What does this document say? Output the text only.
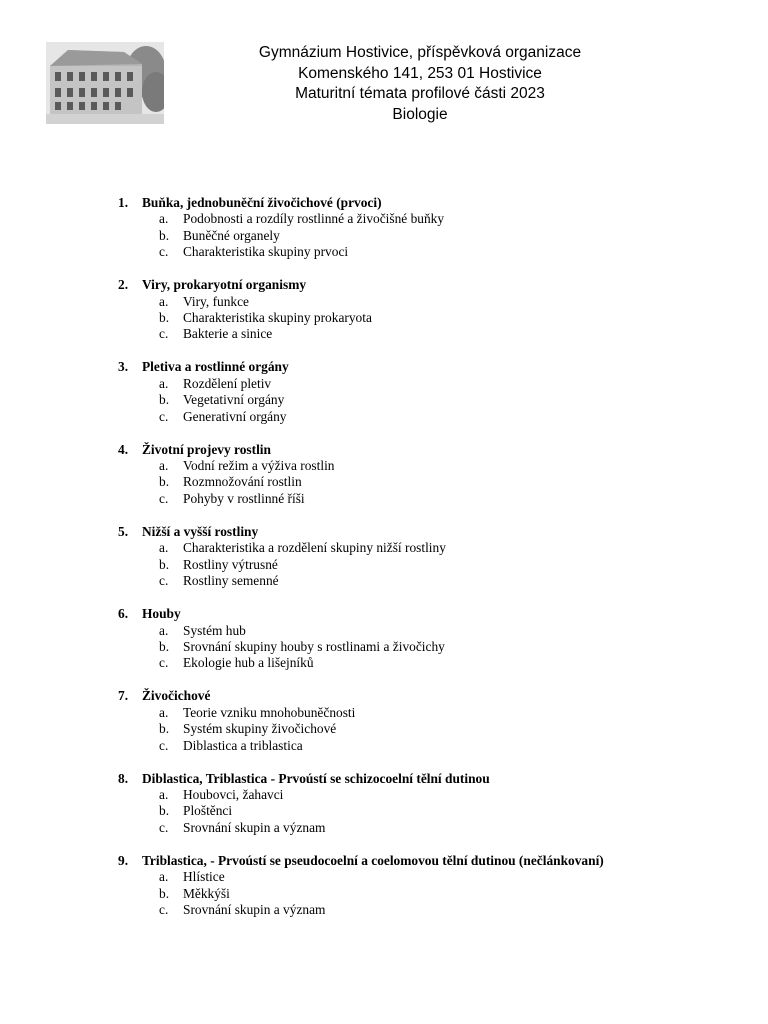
Gymnázium Hostivice, příspěvková organizace
Komenského 141, 253 01 Hostivice
Maturitní témata profilové části 2023
Biologie
1.	Buňka, jednobuněční živočichové (prvoci)
a.	Podobnosti a rozdíly rostlinné a živočišné buňky
b.	Buněčné organely
c.	Charakteristika skupiny prvoci
2.	Viry, prokaryotní organismy
a.	Viry, funkce
b.	Charakteristika skupiny prokaryota
c.	Bakterie a sinice
3.	Pletiva a rostlinné orgány
a.	Rozdělení pletiv
b.	Vegetativní orgány
c.	Generativní orgány
4.	Životní projevy rostlin
a.	Vodní režim a výživa rostlin
b.	Rozmnožování rostlin
c.	Pohyby v rostlinné říši
5.	Nižší a vyšší rostliny
a.	Charakteristika a rozdělení skupiny nižší rostliny
b.	Rostliny výtrusné
c.	Rostliny semenné
6.	Houby
a.	Systém hub
b.	Srovnání skupiny houby s rostlinami a živočichy
c.	Ekologie hub a lišejníků
7.	Živočichové
a.	Teorie vzniku mnohobuněčnosti
b.	Systém skupiny živočichové
c.	Diblastica a triblastica
8.	Diblastica, Triblastica - Prvoústí se schizocoelní tělní dutinou
a.	Houbovci, žahavci
b.	Ploštěnci
c.	Srovnání skupin a význam
9.	Triblastica, - Prvoústí se pseudocoelní a coelomovou tělní dutinou (nečlánkovaní)
a.	Hlístice
b.	Měkkýši
c.	Srovnání skupin a význam
